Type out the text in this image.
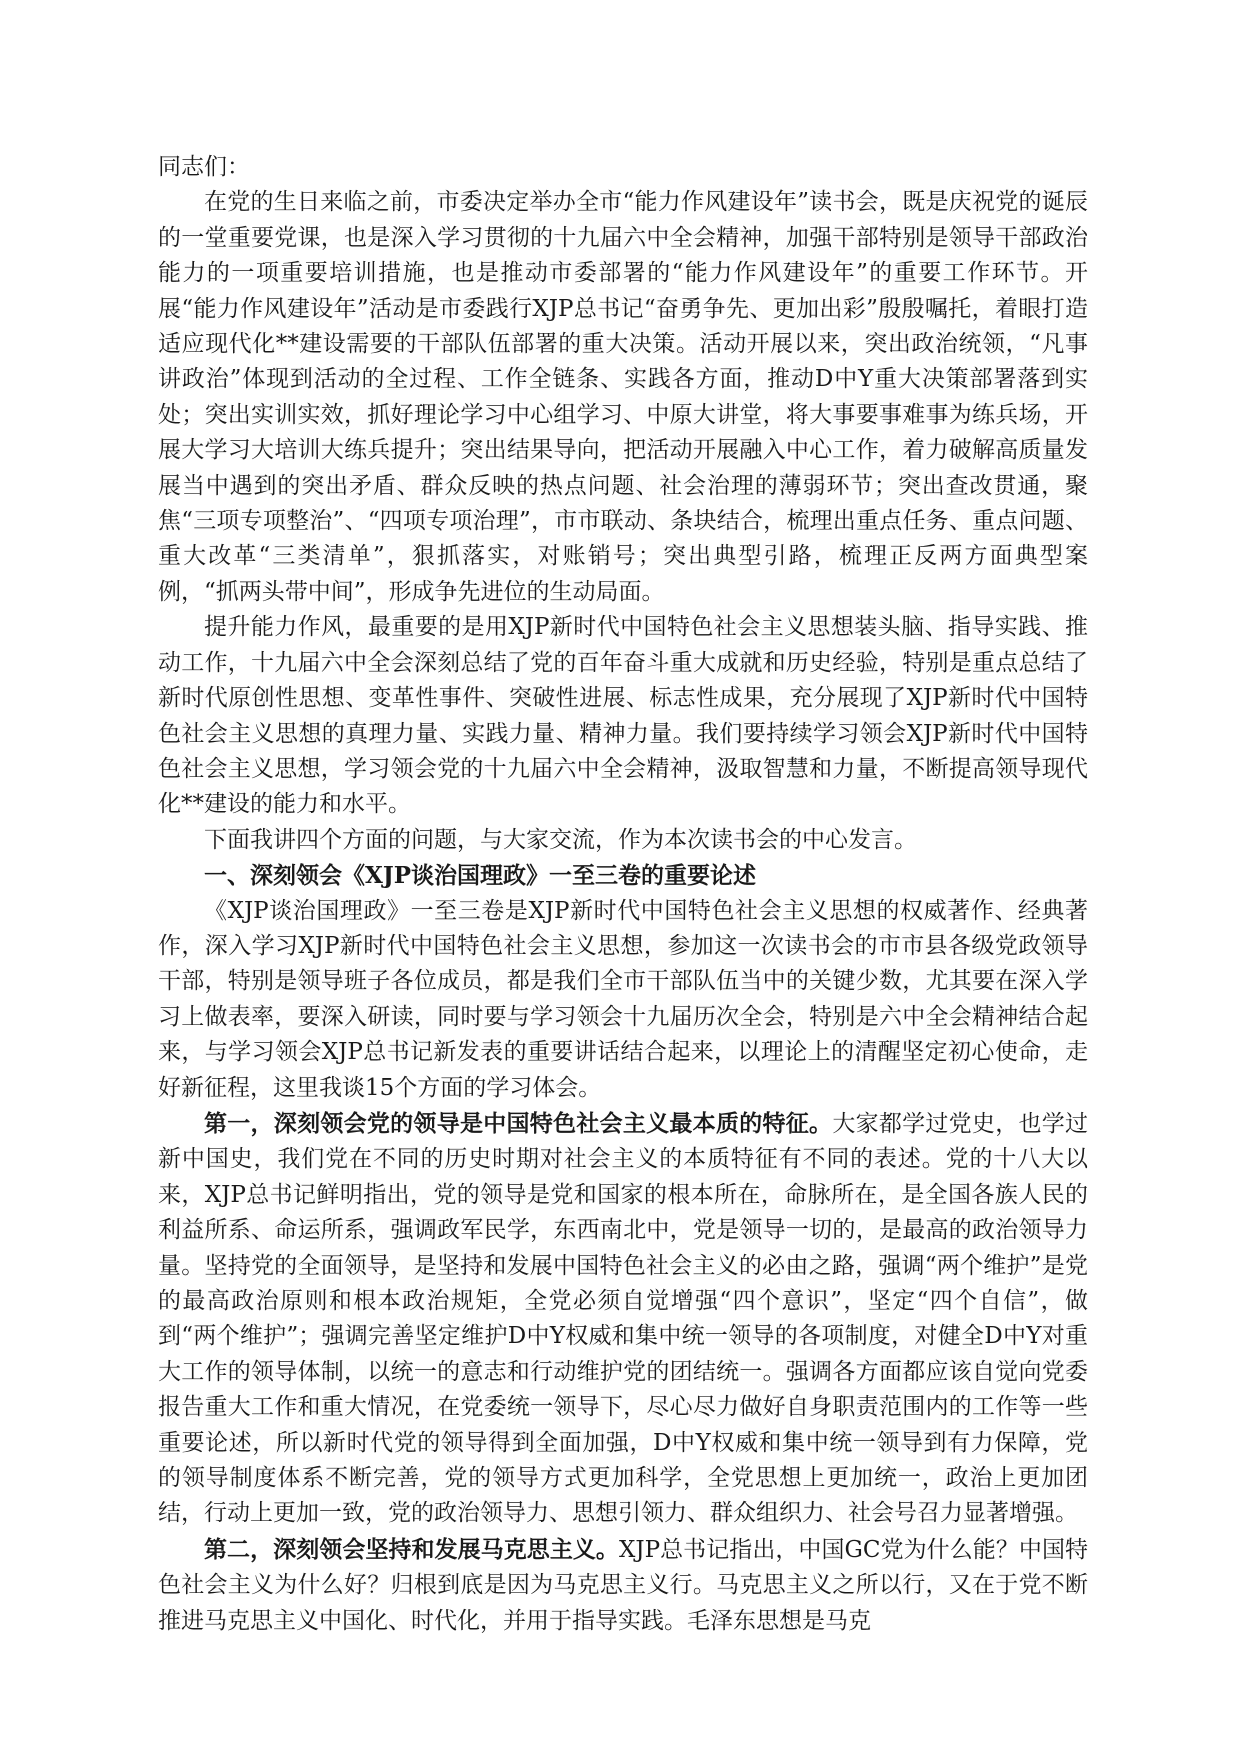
同志们：

在党的生日来临之前，市委决定举办全市“能力作风建设年”读书会，既是庆祝党的诞辰的一堂重要党课，也是深入学习贯彻的十九届六中全会精神，加强干部特别是领导干部政治能力的一项重要培训措施，也是推动市委部署的“能力作风建设年”的重要工作环节。开展“能力作风建设年”活动是市委践行XJP总书记“奋勇争先、更加出彩”殷殷嘱托，着眼打造适应现代化**建设需要的干部队伍部署的重大决策。活动开展以来，突出政治统领，“凡事讲政治”体现到活动的全过程、工作全链条、实践各方面，推动D中Y重大决策部署落到实处；突出实训实效，抓好理论学习中心组学习、中原大讲堂，将大事要事难事为练兵场，开展大学习大培训大练兵提升；突出结果导向，把活动开展融入中心工作，着力破解高质量发展当中遇到的突出矛盾、群众反映的热点问题、社会治理的薄弱环节；突出查改贯通，聚焦“三项专项整治”、“四项专项治理”，市市联动、条块结合，梳理出重点任务、重点问题、重大改革“三类清单”，狠抓落实，对账销号；突出典型引路，梳理正反两方面典型案例，“抓两头带中间”，形成争先进位的生动局面。

提升能力作风，最重要的是用XJP新时代中国特色社会主义思想装头脑、指导实践、推动工作，十九届六中全会深刻总结了党的百年奋斗重大成就和历史经验，特别是重点总结了新时代原创性思想、变革性事件、突破性进展、标志性成果，充分展现了XJP新时代中国特色社会主义思想的真理力量、实践力量、精神力量。我们要持续学习领会XJP新时代中国特色社会主义思想，学习领会党的十九届六中全会精神，汲取智慧和力量，不断提高领导现代化**建设的能力和水平。

下面我讲四个方面的问题，与大家交流，作为本次读书会的中心发言。

一、深刻领会《XJP谈治国理政》一至三卷的重要论述

《XJP谈治国理政》一至三卷是XJP新时代中国特色社会主义思想的权威著作、经典著作，深入学习XJP新时代中国特色社会主义思想，参加这一次读书会的市市县各级党政领导干部，特别是领导班子各位成员，都是我们全市干部队伍当中的关键少数，尤其要在深入学习上做表率，要深入研读，同时要与学习领会十九届历次全会，特别是六中全会精神结合起来，与学习领会XJP总书记新发表的重要讲话结合起来，以理论上的清醒坚定初心使命，走好新征程，这里我谈15个方面的学习体会。

第一，深刻领会党的领导是中国特色社会主义最本质的特征。大家都学过党史，也学过新中国史，我们党在不同的历史时期对社会主义的本质特征有不同的表述。党的十八大以来，XJP总书记鲜明指出，党的领导是党和国家的根本所在，命脉所在，是全国各族人民的利益所系、命运所系，强调政军民学，东西南北中，党是领导一切的，是最高的政治领导力量。坚持党的全面领导，是坚持和发展中国特色社会主义的必由之路，强调“两个维护”是党的最高政治原则和根本政治规矩，全党必须自觉增强“四个意识”，坚定“四个自信”，做到“两个维护”；强调完善坚定维护D中Y权威和集中统一领导的各项制度，对健全D中Y对重大工作的领导体制，以统一的意志和行动维护党的团结统一。强调各方面都应该自觉向党委报告重大工作和重大情况，在党委统一领导下，尽心尽力做好自身职责范围内的工作等一些重要论述，所以新时代党的领导得到全面加强，D中Y权威和集中统一领导到有力保障，党的领导制度体系不断完善，党的领导方式更加科学，全党思想上更加统一，政治上更加团结，行动上更加一致，党的政治领导力、思想引领力、群众组织力、社会号召力显著增强。

第二，深刻领会坚持和发展马克思主义。XJP总书记指出，中国GC党为什么能？中国特色社会主义为什么好？归根到底是因为马克思主义行。马克思主义之所以行，又在于党不断推进马克思主义中国化、时代化，并用于指导实践。毛泽东思想是马克
